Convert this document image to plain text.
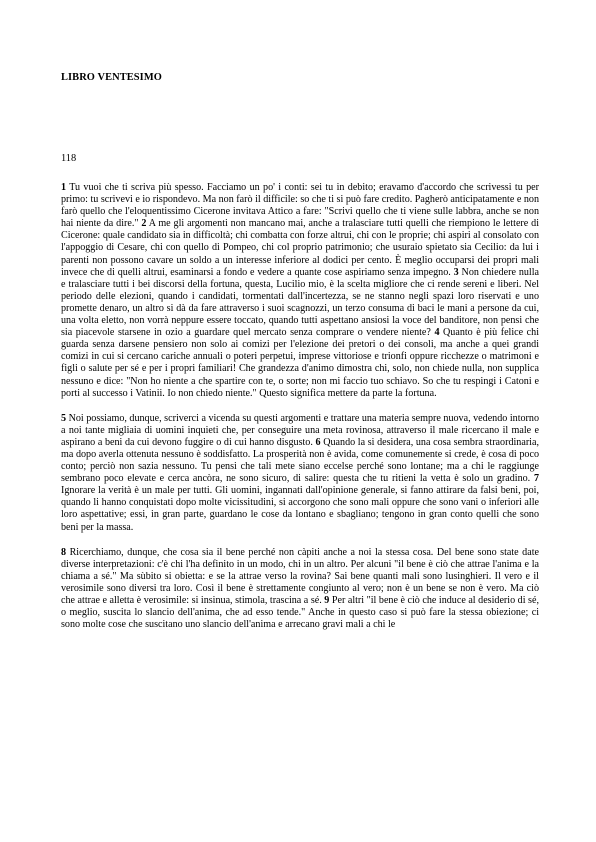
LIBRO VENTESIMO
118

1 Tu vuoi che ti scriva più spesso. Facciamo un po' i conti: sei tu in debito; eravamo d'accordo che scrivessi tu per primo: tu scrivevi e io rispondevo. Ma non farò il difficile: so che ti si può fare credito. Pagherò anticipatamente e non farò quello che l'eloquentissimo Cicerone invitava Attico a fare: "Scrivi quello che ti viene sulle labbra, anche se non hai niente da dire." 2 A me gli argomenti non mancano mai, anche a tralasciare tutti quelli che riempiono le lettere di Cicerone: quale candidato sia in difficoltà; chi combatta con forze altrui, chi con le proprie; chi aspiri al consolato con l'appoggio di Cesare, chi con quello di Pompeo, chi col proprio patrimonio; che usuraio spietato sia Cecilio: da lui i parenti non possono cavare un soldo a un interesse inferiore al dodici per cento. È meglio occuparsi dei propri mali invece che di quelli altrui, esaminarsi a fondo e vedere a quante cose aspiriamo senza impegno. 3 Non chiedere nulla e tralasciare tutti i bei discorsi della fortuna, questa, Lucilio mio, è la scelta migliore che ci rende sereni e liberi. Nel periodo delle elezioni, quando i candidati, tormentati dall'incertezza, se ne stanno negli spazi loro riservati e uno promette denaro, un altro si dà da fare attraverso i suoi scagnozzi, un terzo consuma di baci le mani a persone da cui, una volta eletto, non vorrà neppure essere toccato, quando tutti aspettano ansiosi la voce del banditore, non pensi che sia piacevole starsene in ozio a guardare quel mercato senza comprare o vendere niente? 4 Quanto è più felice chi guarda senza darsene pensiero non solo ai comizi per l'elezione dei pretori o dei consoli, ma anche a quei grandi comizi in cui si cercano cariche annuali o poteri perpetui, imprese vittoriose e trionfi oppure ricchezze o matrimoni e figli o salute per sé e per i propri familiari! Che grandezza d'animo dimostra chi, solo, non chiede nulla, non supplica nessuno e dice: "Non ho niente a che spartire con te, o sorte; non mi faccio tuo schiavo. So che tu respingi i Catoni e porti al successo i Vatinii. Io non chiedo niente." Questo significa mettere da parte la fortuna.

5 Noi possiamo, dunque, scriverci a vicenda su questi argomenti e trattare una materia sempre nuova, vedendo intorno a noi tante migliaia di uomini inquieti che, per conseguire una meta rovinosa, attraverso il male ricercano il male e aspirano a beni da cui devono fuggire o di cui hanno disgusto. 6 Quando la si desidera, una cosa sembra straordinaria, ma dopo averla ottenuta nessuno è soddisfatto. La prosperità non è avida, come comunemente si crede, è cosa di poco conto; perciò non sazia nessuno. Tu pensi che tali mete siano eccelse perché sono lontane; ma a chi le raggiunge sembrano poco elevate e cerca ancòra, ne sono sicuro, di salire: questa che tu ritieni la vetta è solo un gradino. 7 Ignorare la verità è un male per tutti. Gli uomini, ingannati dall'opinione generale, si fanno attirare da falsi beni, poi, quando li hanno conquistati dopo molte vicissitudini, si accorgono che sono mali oppure che sono vani o inferiori alle loro aspettative; essi, in gran parte, guardano le cose da lontano e sbagliano; tengono in gran conto quelli che sono beni per la massa.

8 Ricerchiamo, dunque, che cosa sia il bene perché non càpiti anche a noi la stessa cosa. Del bene sono state date diverse interpretazioni: c'è chi l'ha definito in un modo, chi in un altro. Per alcuni "il bene è ciò che attrae l'anima e la chiama a sé." Ma sùbito si obietta: e se la attrae verso la rovina? Sai bene quanti mali sono lusinghieri. Il vero e il verosimile sono diversi tra loro. Così il bene è strettamente congiunto al vero; non è un bene se non è vero. Ma ciò che attrae e alletta è verosimile: si insinua, stimola, trascina a sé. 9 Per altri "il bene è ciò che induce al desiderio di sé, o meglio, suscita lo slancio dell'anima, che ad esso tende." Anche in questo caso si può fare la stessa obiezione; ci sono molte cose che suscitano uno slancio dell'anima e arrecano gravi mali a chi le
